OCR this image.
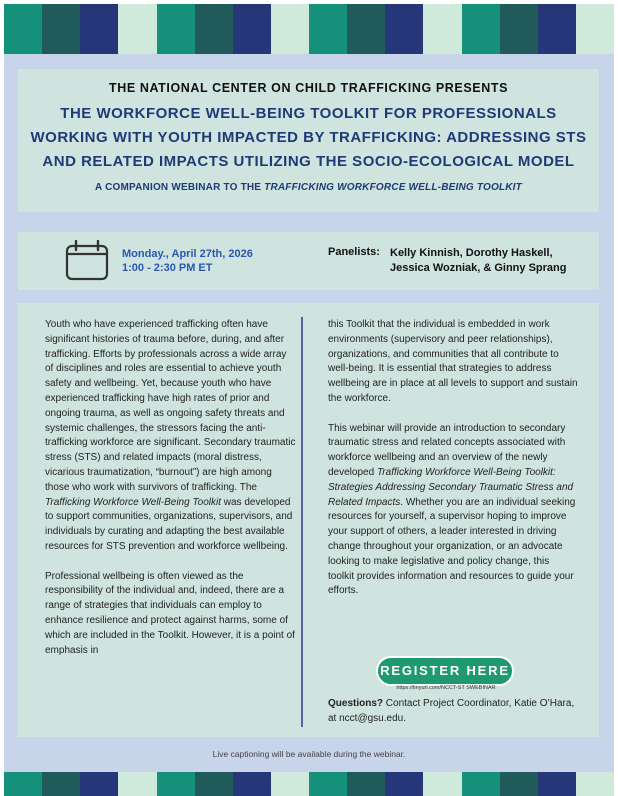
THE NATIONAL CENTER ON CHILD TRAFFICKING PRESENTS
THE WORKFORCE WELL-BEING TOOLKIT FOR PROFESSIONALS WORKING WITH YOUTH IMPACTED BY TRAFFICKING: ADDRESSING STS AND RELATED IMPACTS UTILIZING THE SOCIO-ECOLOGICAL MODEL
A COMPANION WEBINAR TO THE TRAFFICKING WORKFORCE WELL-BEING TOOLKIT
Monday., April 27th, 2026
1:00 - 2:30 PM ET
Panelists: Kelly Kinnish, Dorothy Haskell,
Jessica Wozniak, & Ginny Sprang

Youth who have experienced trafficking often have significant histories of trauma before, during, and after trafficking. Efforts by professionals across a wide array of disciplines and roles are essential to achieve youth safety and wellbeing. Yet, because youth who have experienced trafficking have high rates of prior and ongoing trauma, as well as ongoing safety threats and systemic challenges, the stressors facing the anti-trafficking workforce are significant. Secondary traumatic stress (STS) and related impacts (moral distress, vicarious traumatization, “burnout”) are high among those who work with survivors of trafficking. The Trafficking Workforce Well-Being Toolkit was developed to support communities, organizations, supervisors, and individuals by curating and adapting the best available resources for STS prevention and workforce wellbeing.

Professional wellbeing is often viewed as the responsibility of the individual and, indeed, there are a range of strategies that individuals can employ to enhance resilience and protect against harms, some of which are included in the Toolkit. However, it is a point of emphasis in

this Toolkit that the individual is embedded in work environments (supervisory and peer relationships), organizations, and communities that all contribute to well-being. It is essential that strategies to address wellbeing are in place at all levels to support and sustain the workforce.

This webinar will provide an introduction to secondary traumatic stress and related concepts associated with workforce wellbeing and an overview of the newly developed Trafficking Workforce Well-Being Toolkit: Strategies Addressing Secondary Traumatic Stress and Related Impacts. Whether you are an individual seeking resources for yourself, a supervisor hoping to improve your support of others, a leader interested in driving change throughout your organization, or an advocate looking to make legislative and policy change, this toolkit provides information and resources to guide your efforts.

REGISTER HERE
https://tinyurl.com/NCCT-ST SWEBINAR
Questions? Contact Project Coordinator, Katie O’Hara, at ncct@gsu.edu.
Live captioning will be available during the webinar.
